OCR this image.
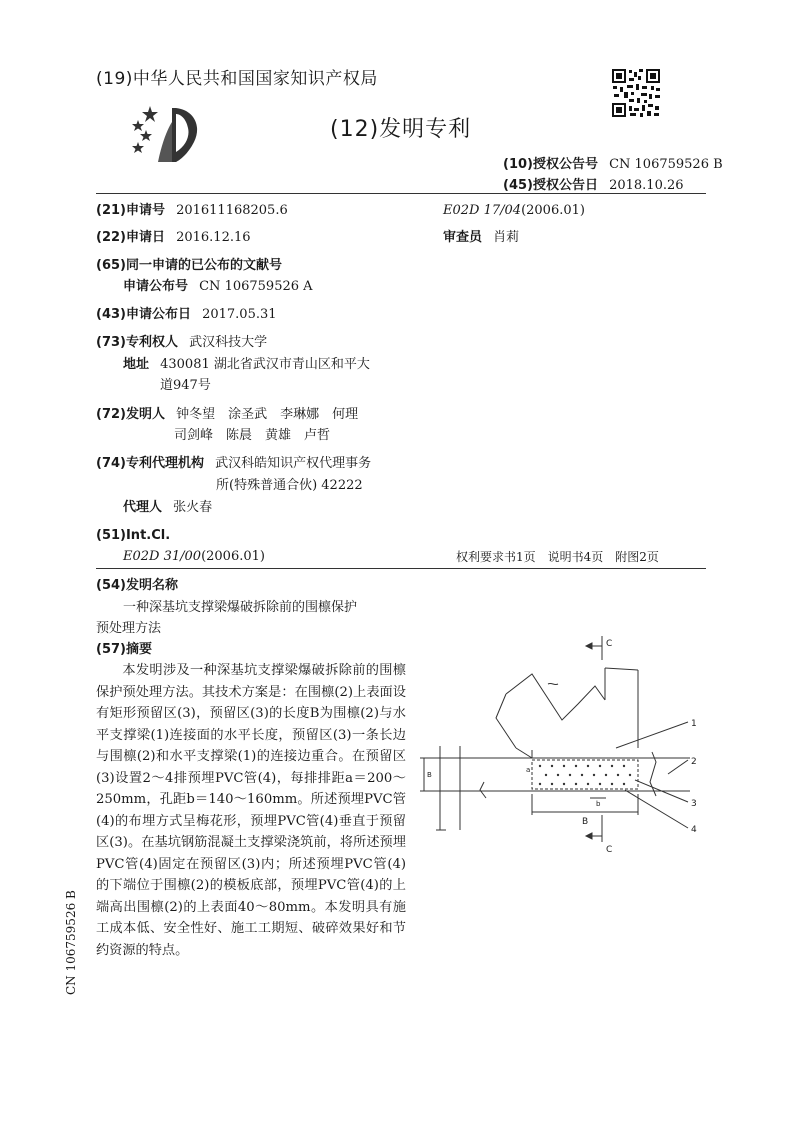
(19)中华人民共和国国家知识产权局
(12)发明专利
(10)授权公告号 CN 106759526 B
(45)授权公告日 2018.10.26
(21)申请号 201611168205.6
(22)申请日 2016.12.16
(65)同一申请的已公布的文献号
申请公布号 CN 106759526 A
(43)申请公布日 2017.05.31
(73)专利权人 武汉科技大学
地址 430081 湖北省武汉市青山区和平大
道947号
(72)发明人 钟冬望　涂圣武　李琳娜　何理
司剑峰　陈晨　黄雄　卢哲
(74)专利代理机构 武汉科皓知识产权代理事务
所(特殊普通合伙) 42222
代理人 张火春
(51)Int.Cl.
E02D 31/00(2006.01)
E02D 17/04(2006.01)
审查员 肖莉
权利要求书1页　说明书4页　附图2页
(54)发明名称
一种深基坑支撑梁爆破拆除前的围檩保护
预处理方法
(57)摘要

本发明涉及一种深基坑支撑梁爆破拆除前的围檩保护预处理方法。其技术方案是：在围檩(2)上表面设有矩形预留区(3)，预留区(3)的长度B为围檩(2)与水平支撑梁(1)连接面的水平长度，预留区(3)一条长边与围檩(2)和水平支撑梁(1)的连接边重合。在预留区(3)设置2～4排预埋PVC管(4)，每排排距a＝200～250mm，孔距b＝140～160mm。所述预埋PVC管(4)的布埋方式呈梅花形，预埋PVC管(4)垂直于预留区(3)。在基坑钢筋混凝土支撑梁浇筑前，将所述预埋PVC管(4)固定在预留区(3)内；所述预埋PVC管(4)的下端位于围檩(2)的模板底部，预埋PVC管(4)的上端高出围檩(2)的上表面40～80mm。本发明具有施工成本低、安全性好、施工工期短、破碎效果好和节约资源的特点。

CN 106759526 B
C
C
1
2
3
4
B
B
a
b
